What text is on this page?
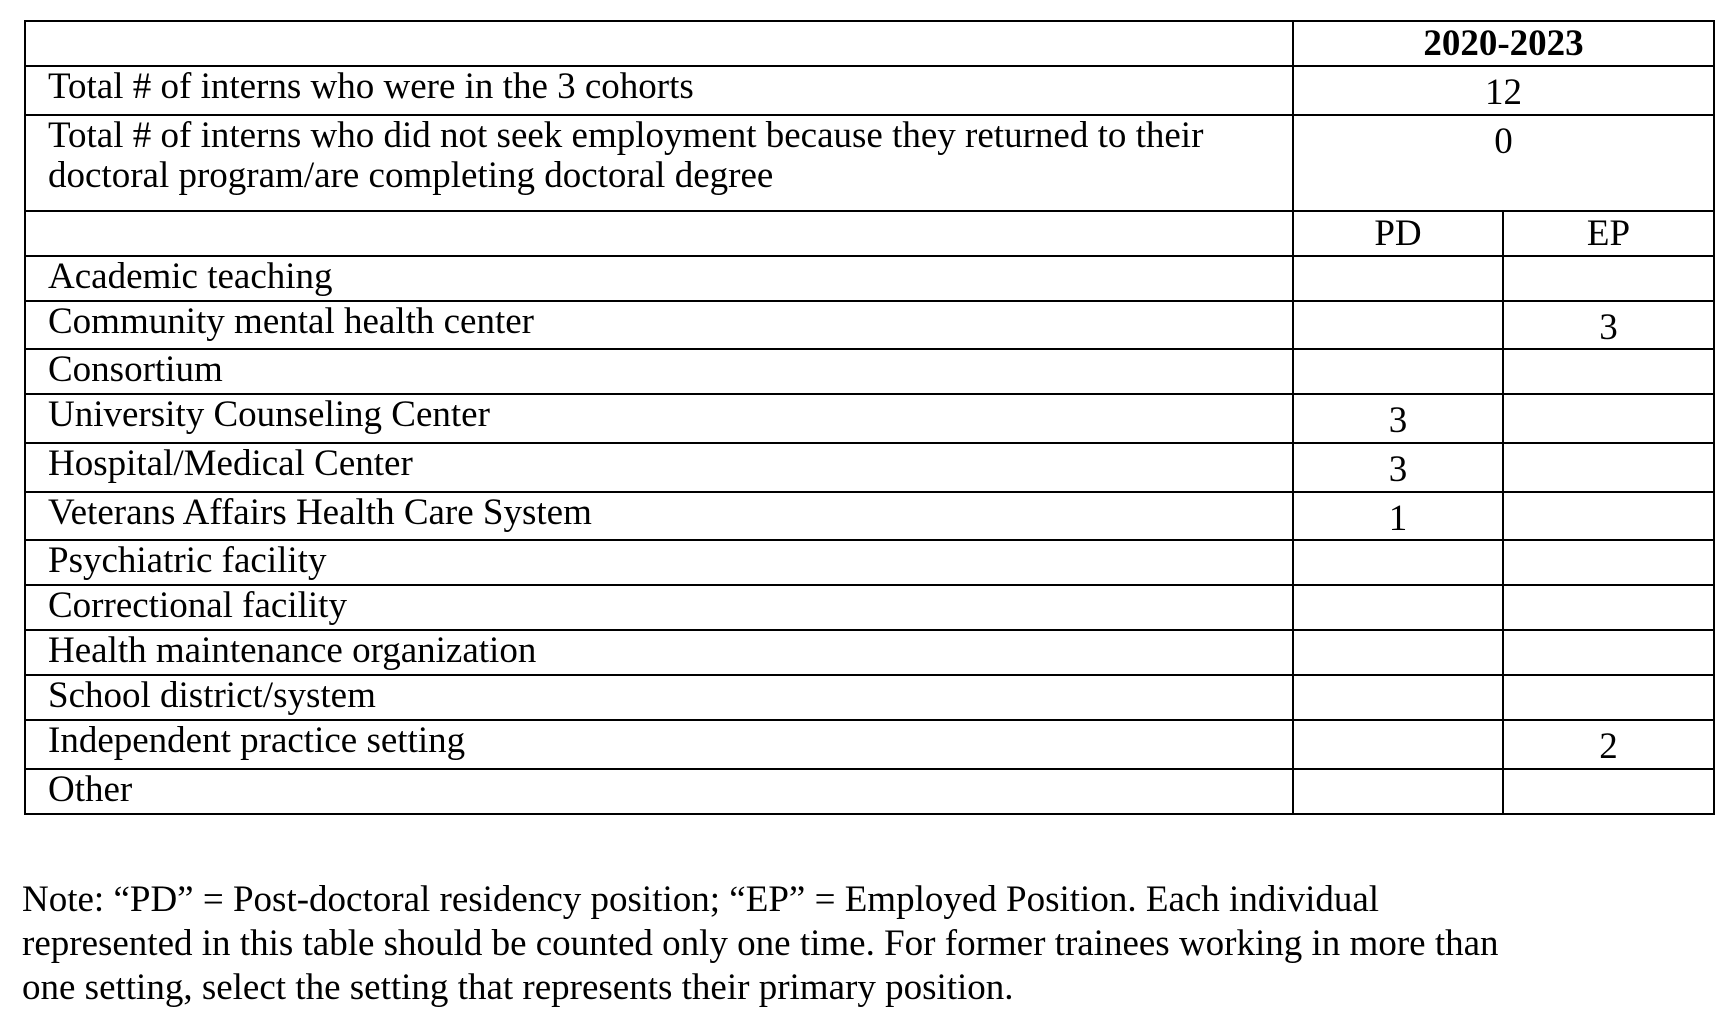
	2020-2023	
Total # of interns who were in the 3 cohorts	12	
Total # of interns who did not seek employment because they returned to their doctoral program/are completing doctoral degree	0	
	PD	EP
Academic teaching		
Community mental health center		3
Consortium		
University Counseling Center	3	
Hospital/Medical Center	3	
Veterans Affairs Health Care System	1	
Psychiatric facility		
Correctional facility		
Health maintenance organization		
School district/system		
Independent practice setting		2
Other		

Note: “PD” = Post-doctoral residency position; “EP” = Employed Position. Each individual represented in this table should be counted only one time. For former trainees working in more than one setting, select the setting that represents their primary position.
